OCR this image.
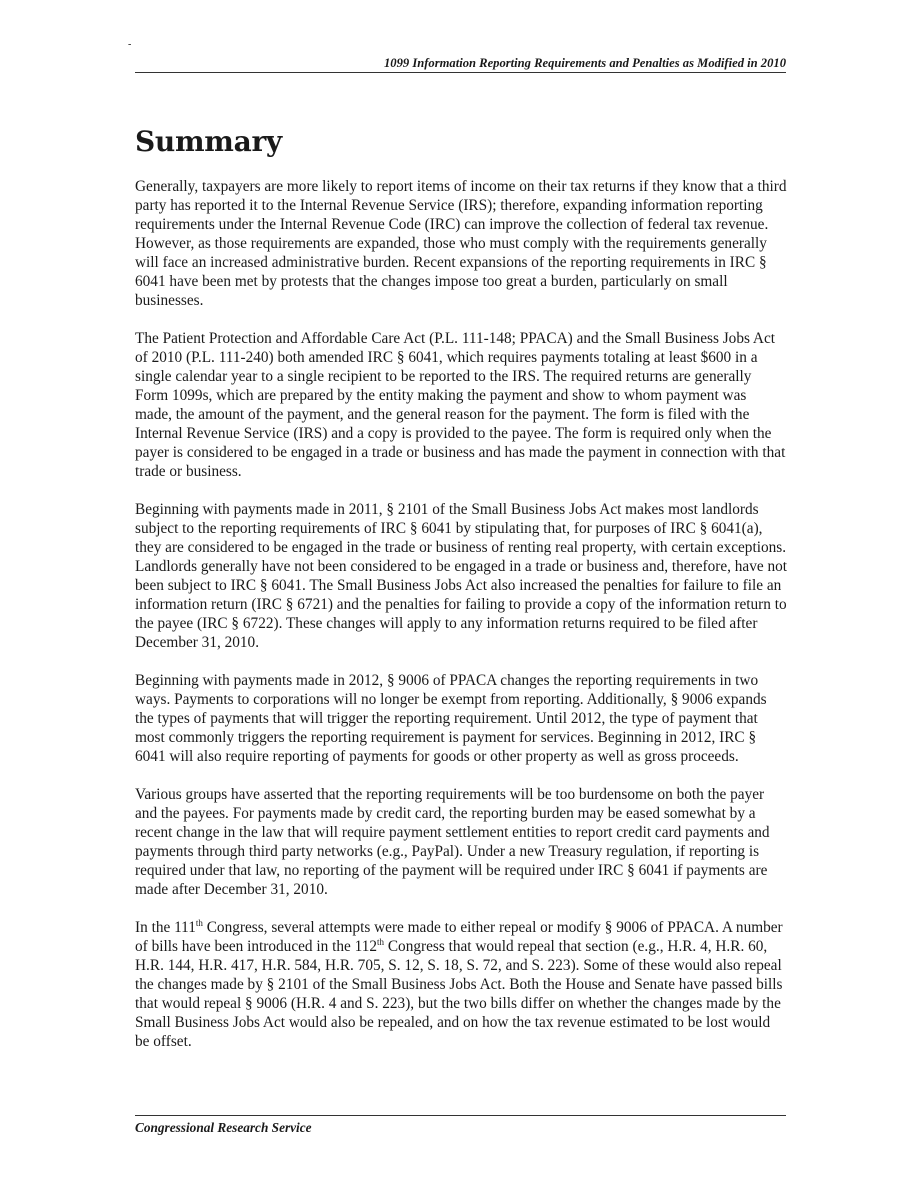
-
1099 Information Reporting Requirements and Penalties as Modified in 2010
Summary

Generally, taxpayers are more likely to report items of income on their tax returns if they know that a third party has reported it to the Internal Revenue Service (IRS); therefore, expanding information reporting requirements under the Internal Revenue Code (IRC) can improve the collection of federal tax revenue. However, as those requirements are expanded, those who must comply with the requirements generally will face an increased administrative burden. Recent expansions of the reporting requirements in IRC § 6041 have been met by protests that the changes impose too great a burden, particularly on small businesses.

The Patient Protection and Affordable Care Act (P.L. 111-148; PPACA) and the Small Business Jobs Act of 2010 (P.L. 111-240) both amended IRC § 6041, which requires payments totaling at least $600 in a single calendar year to a single recipient to be reported to the IRS. The required returns are generally Form 1099s, which are prepared by the entity making the payment and show to whom payment was made, the amount of the payment, and the general reason for the payment. The form is filed with the Internal Revenue Service (IRS) and a copy is provided to the payee. The form is required only when the payer is considered to be engaged in a trade or business and has made the payment in connection with that trade or business.

Beginning with payments made in 2011, § 2101 of the Small Business Jobs Act makes most landlords subject to the reporting requirements of IRC § 6041 by stipulating that, for purposes of IRC § 6041(a), they are considered to be engaged in the trade or business of renting real property, with certain exceptions. Landlords generally have not been considered to be engaged in a trade or business and, therefore, have not been subject to IRC § 6041. The Small Business Jobs Act also increased the penalties for failure to file an information return (IRC § 6721) and the penalties for failing to provide a copy of the information return to the payee (IRC § 6722). These changes will apply to any information returns required to be filed after December 31, 2010.

Beginning with payments made in 2012, § 9006 of PPACA changes the reporting requirements in two ways. Payments to corporations will no longer be exempt from reporting. Additionally, § 9006 expands the types of payments that will trigger the reporting requirement. Until 2012, the type of payment that most commonly triggers the reporting requirement is payment for services. Beginning in 2012, IRC § 6041 will also require reporting of payments for goods or other property as well as gross proceeds.

Various groups have asserted that the reporting requirements will be too burdensome on both the payer and the payees. For payments made by credit card, the reporting burden may be eased somewhat by a recent change in the law that will require payment settlement entities to report credit card payments and payments through third party networks (e.g., PayPal). Under a new Treasury regulation, if reporting is required under that law, no reporting of the payment will be required under IRC § 6041 if payments are made after December 31, 2010.

In the 111th Congress, several attempts were made to either repeal or modify § 9006 of PPACA. A number of bills have been introduced in the 112th Congress that would repeal that section (e.g., H.R. 4, H.R. 60, H.R. 144, H.R. 417, H.R. 584, H.R. 705, S. 12, S. 18, S. 72, and S. 223). Some of these would also repeal the changes made by § 2101 of the Small Business Jobs Act. Both the House and Senate have passed bills that would repeal § 9006 (H.R. 4 and S. 223), but the two bills differ on whether the changes made by the Small Business Jobs Act would also be repealed, and on how the tax revenue estimated to be lost would be offset.

Congressional Research Service
